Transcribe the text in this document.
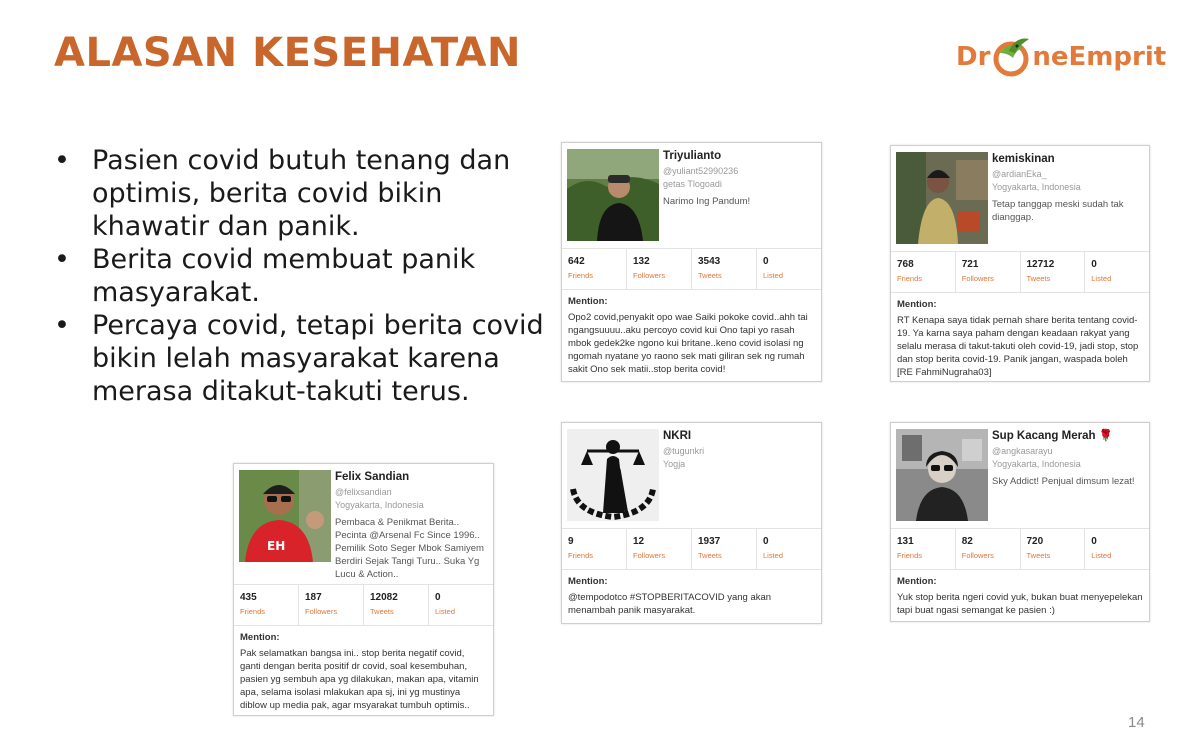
ALASAN KESEHATAN	Dr neEmprit
• Pasien covid butuh tenang dan optimis, berita covid bikin khawatir dan panik.
• Berita covid membuat panik masyarakat.
• Percaya covid, tetapi berita covid bikin lelah masyarakat karena merasa ditakut-takuti terus.
Triyulianto
@yuliant52990236
getas Tlogoadi
Narimo Ing Pandum!
642
Friends
132
Followers
3543
Tweets
0
Listed
Mention:
Opo2 covid,penyakit opo wae Saiki pokoke covid..ahh tai ngangsuuuu..aku percoyo covid kui Ono tapi yo rasah mbok gedek2ke ngono kui britane..keno covid isolasi ng ngomah nyatane yo raono sek mati giliran sek ng rumah sakit Ono sek matii..stop berita covid!
kemiskinan
@ardianEka_
Yogyakarta, Indonesia
Tetap tanggap meski sudah tak dianggap.
768
Friends
721
Followers
12712
Tweets
0
Listed
Mention:
RT Kenapa saya tidak pernah share berita tentang covid-19. Ya karna saya paham dengan keadaan rakyat yang selalu merasa di takut-takuti oleh covid-19, jadi stop, stop dan stop berita covid-19. Panik jangan, waspada boleh [RE FahmiNugraha03]
NKRI
@tugunkri
Yogja
9
Friends
12
Followers
1937
Tweets
0
Listed
Mention:
@tempodotco #STOPBERITACOVID yang akan menambah panik masyarakat.
Sup Kacang Merah 🌹
@angkasarayu
Yogyakarta, Indonesia
Sky Addict! Penjual dimsum lezat!
131
Friends
82
Followers
720
Tweets
0
Listed
Mention:
Yuk stop berita ngeri covid yuk, bukan buat menyepelekan tapi buat ngasi semangat ke pasien :)
EH
Felix Sandian
@felixsandian
Yogyakarta, Indonesia
Pembaca & Penikmat Berita.. Pecinta @Arsenal Fc Since 1996.. Pemilik Soto Seger Mbok Samiyem Berdiri Sejak Tangi Turu.. Suka Yg Lucu & Action..
435
Friends
187
Followers
12082
Tweets
0
Listed
Mention:
Pak selamatkan bangsa ini.. stop berita negatif covid, ganti dengan berita positif dr covid, soal kesembuhan, pasien yg sembuh apa yg dilakukan, makan apa, vitamin apa, selama isolasi mlakukan apa sj, ini yg mustinya diblow up media pak, agar msyarakat tumbuh optimis..
14
